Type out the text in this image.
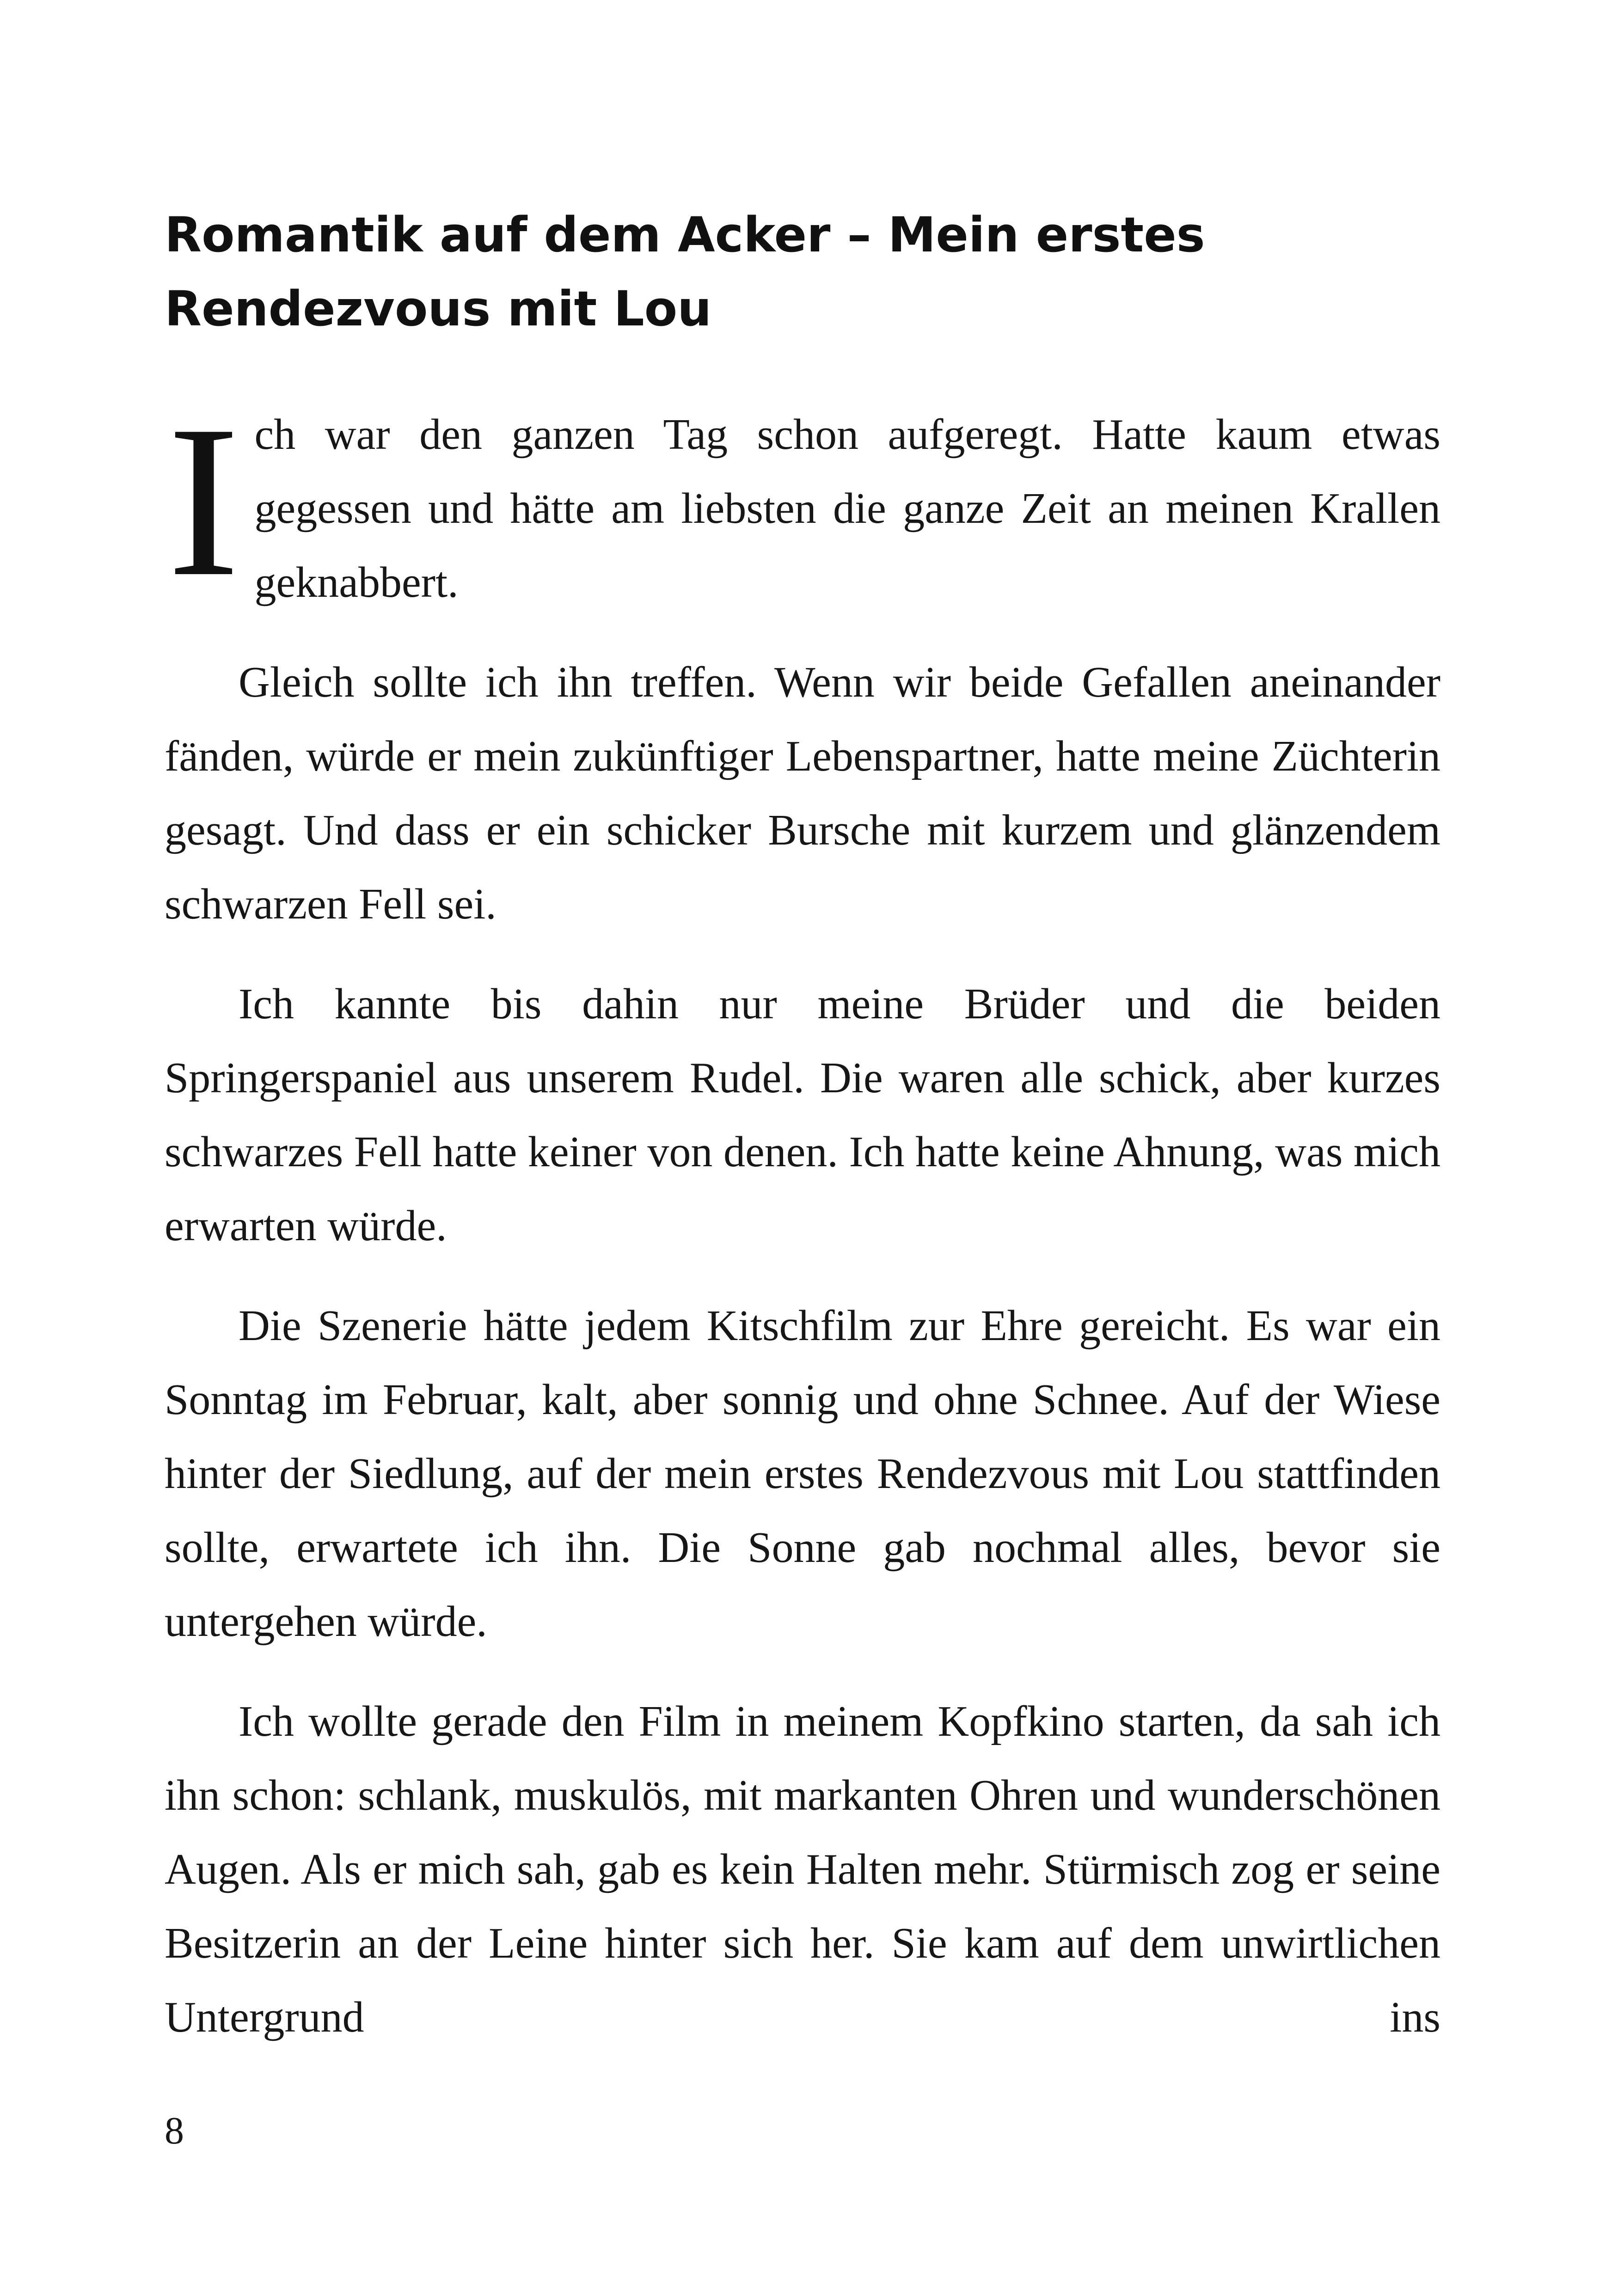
Romantik auf dem Acker – Mein erstes Rendezvous mit Lou

Ich war den ganzen Tag schon aufgeregt. Hatte kaum etwas gegessen und hätte am liebsten die ganze Zeit an meinen Krallen geknabbert.

Gleich sollte ich ihn treffen. Wenn wir beide Gefallen aneinander fänden, würde er mein zukünftiger Lebenspartner, hatte meine Züchterin gesagt. Und dass er ein schicker Bursche mit kurzem und glänzendem schwarzen Fell sei.

Ich kannte bis dahin nur meine Brüder und die beiden Springerspaniel aus unserem Rudel. Die waren alle schick, aber kurzes schwarzes Fell hatte keiner von denen. Ich hatte keine Ahnung, was mich erwarten würde.

Die Szenerie hätte jedem Kitschfilm zur Ehre gereicht. Es war ein Sonntag im Februar, kalt, aber sonnig und ohne Schnee. Auf der Wiese hinter der Siedlung, auf der mein erstes Rendezvous mit Lou stattfinden sollte, erwartete ich ihn. Die Sonne gab nochmal alles, bevor sie untergehen würde.

Ich wollte gerade den Film in meinem Kopfkino starten, da sah ich ihn schon: schlank, muskulös, mit markanten Ohren und wunderschönen Augen. Als er mich sah, gab es kein Halten mehr. Stürmisch zog er seine Besitzerin an der Leine hinter sich her. Sie kam auf dem unwirtlichen Untergrund ins

8
